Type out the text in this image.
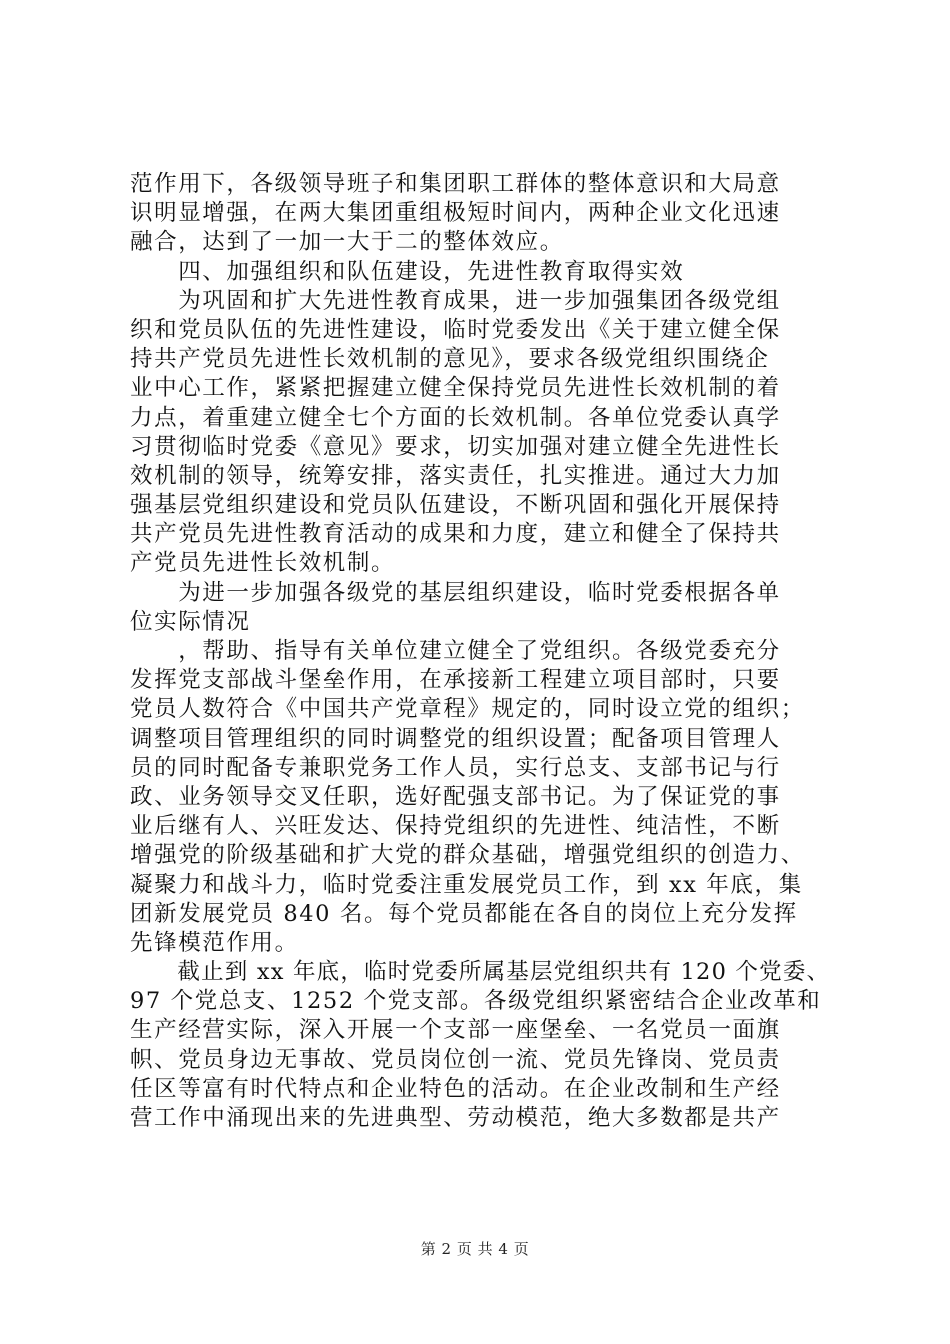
范作用下，各级领导班子和集团职工群体的整体意识和大局意
识明显增强，在两大集团重组极短时间内，两种企业文化迅速
融合，达到了一加一大于二的整体效应。
　　四、加强组织和队伍建设，先进性教育取得实效
　　为巩固和扩大先进性教育成果，进一步加强集团各级党组
织和党员队伍的先进性建设，临时党委发出《关于建立健全保
持共产党员先进性长效机制的意见》，要求各级党组织围绕企
业中心工作，紧紧把握建立健全保持党员先进性长效机制的着
力点，着重建立健全七个方面的长效机制。各单位党委认真学
习贯彻临时党委《意见》要求，切实加强对建立健全先进性长
效机制的领导，统筹安排，落实责任，扎实推进。通过大力加
强基层党组织建设和党员队伍建设，不断巩固和强化开展保持
共产党员先进性教育活动的成果和力度，建立和健全了保持共
产党员先进性长效机制。
　　为进一步加强各级党的基层组织建设，临时党委根据各单
位实际情况
　　，帮助、指导有关单位建立健全了党组织。各级党委充分
发挥党支部战斗堡垒作用，在承接新工程建立项目部时，只要
党员人数符合《中国共产党章程》规定的，同时设立党的组织；
调整项目管理组织的同时调整党的组织设置；配备项目管理人
员的同时配备专兼职党务工作人员，实行总支、支部书记与行
政、业务领导交叉任职，选好配强支部书记。为了保证党的事
业后继有人、兴旺发达、保持党组织的先进性、纯洁性，不断
增强党的阶级基础和扩大党的群众基础，增强党组织的创造力、
凝聚力和战斗力，临时党委注重发展党员工作，到 xx 年底，集
团新发展党员 840 名。每个党员都能在各自的岗位上充分发挥
先锋模范作用。
　　截止到 xx 年底，临时党委所属基层党组织共有 120 个党委、
97 个党总支、1252 个党支部。各级党组织紧密结合企业改革和
生产经营实际，深入开展一个支部一座堡垒、一名党员一面旗
帜、党员身边无事故、党员岗位创一流、党员先锋岗、党员责
任区等富有时代特点和企业特色的活动。在企业改制和生产经
营工作中涌现出来的先进典型、劳动模范，绝大多数都是共产
第 2 页 共 4 页
